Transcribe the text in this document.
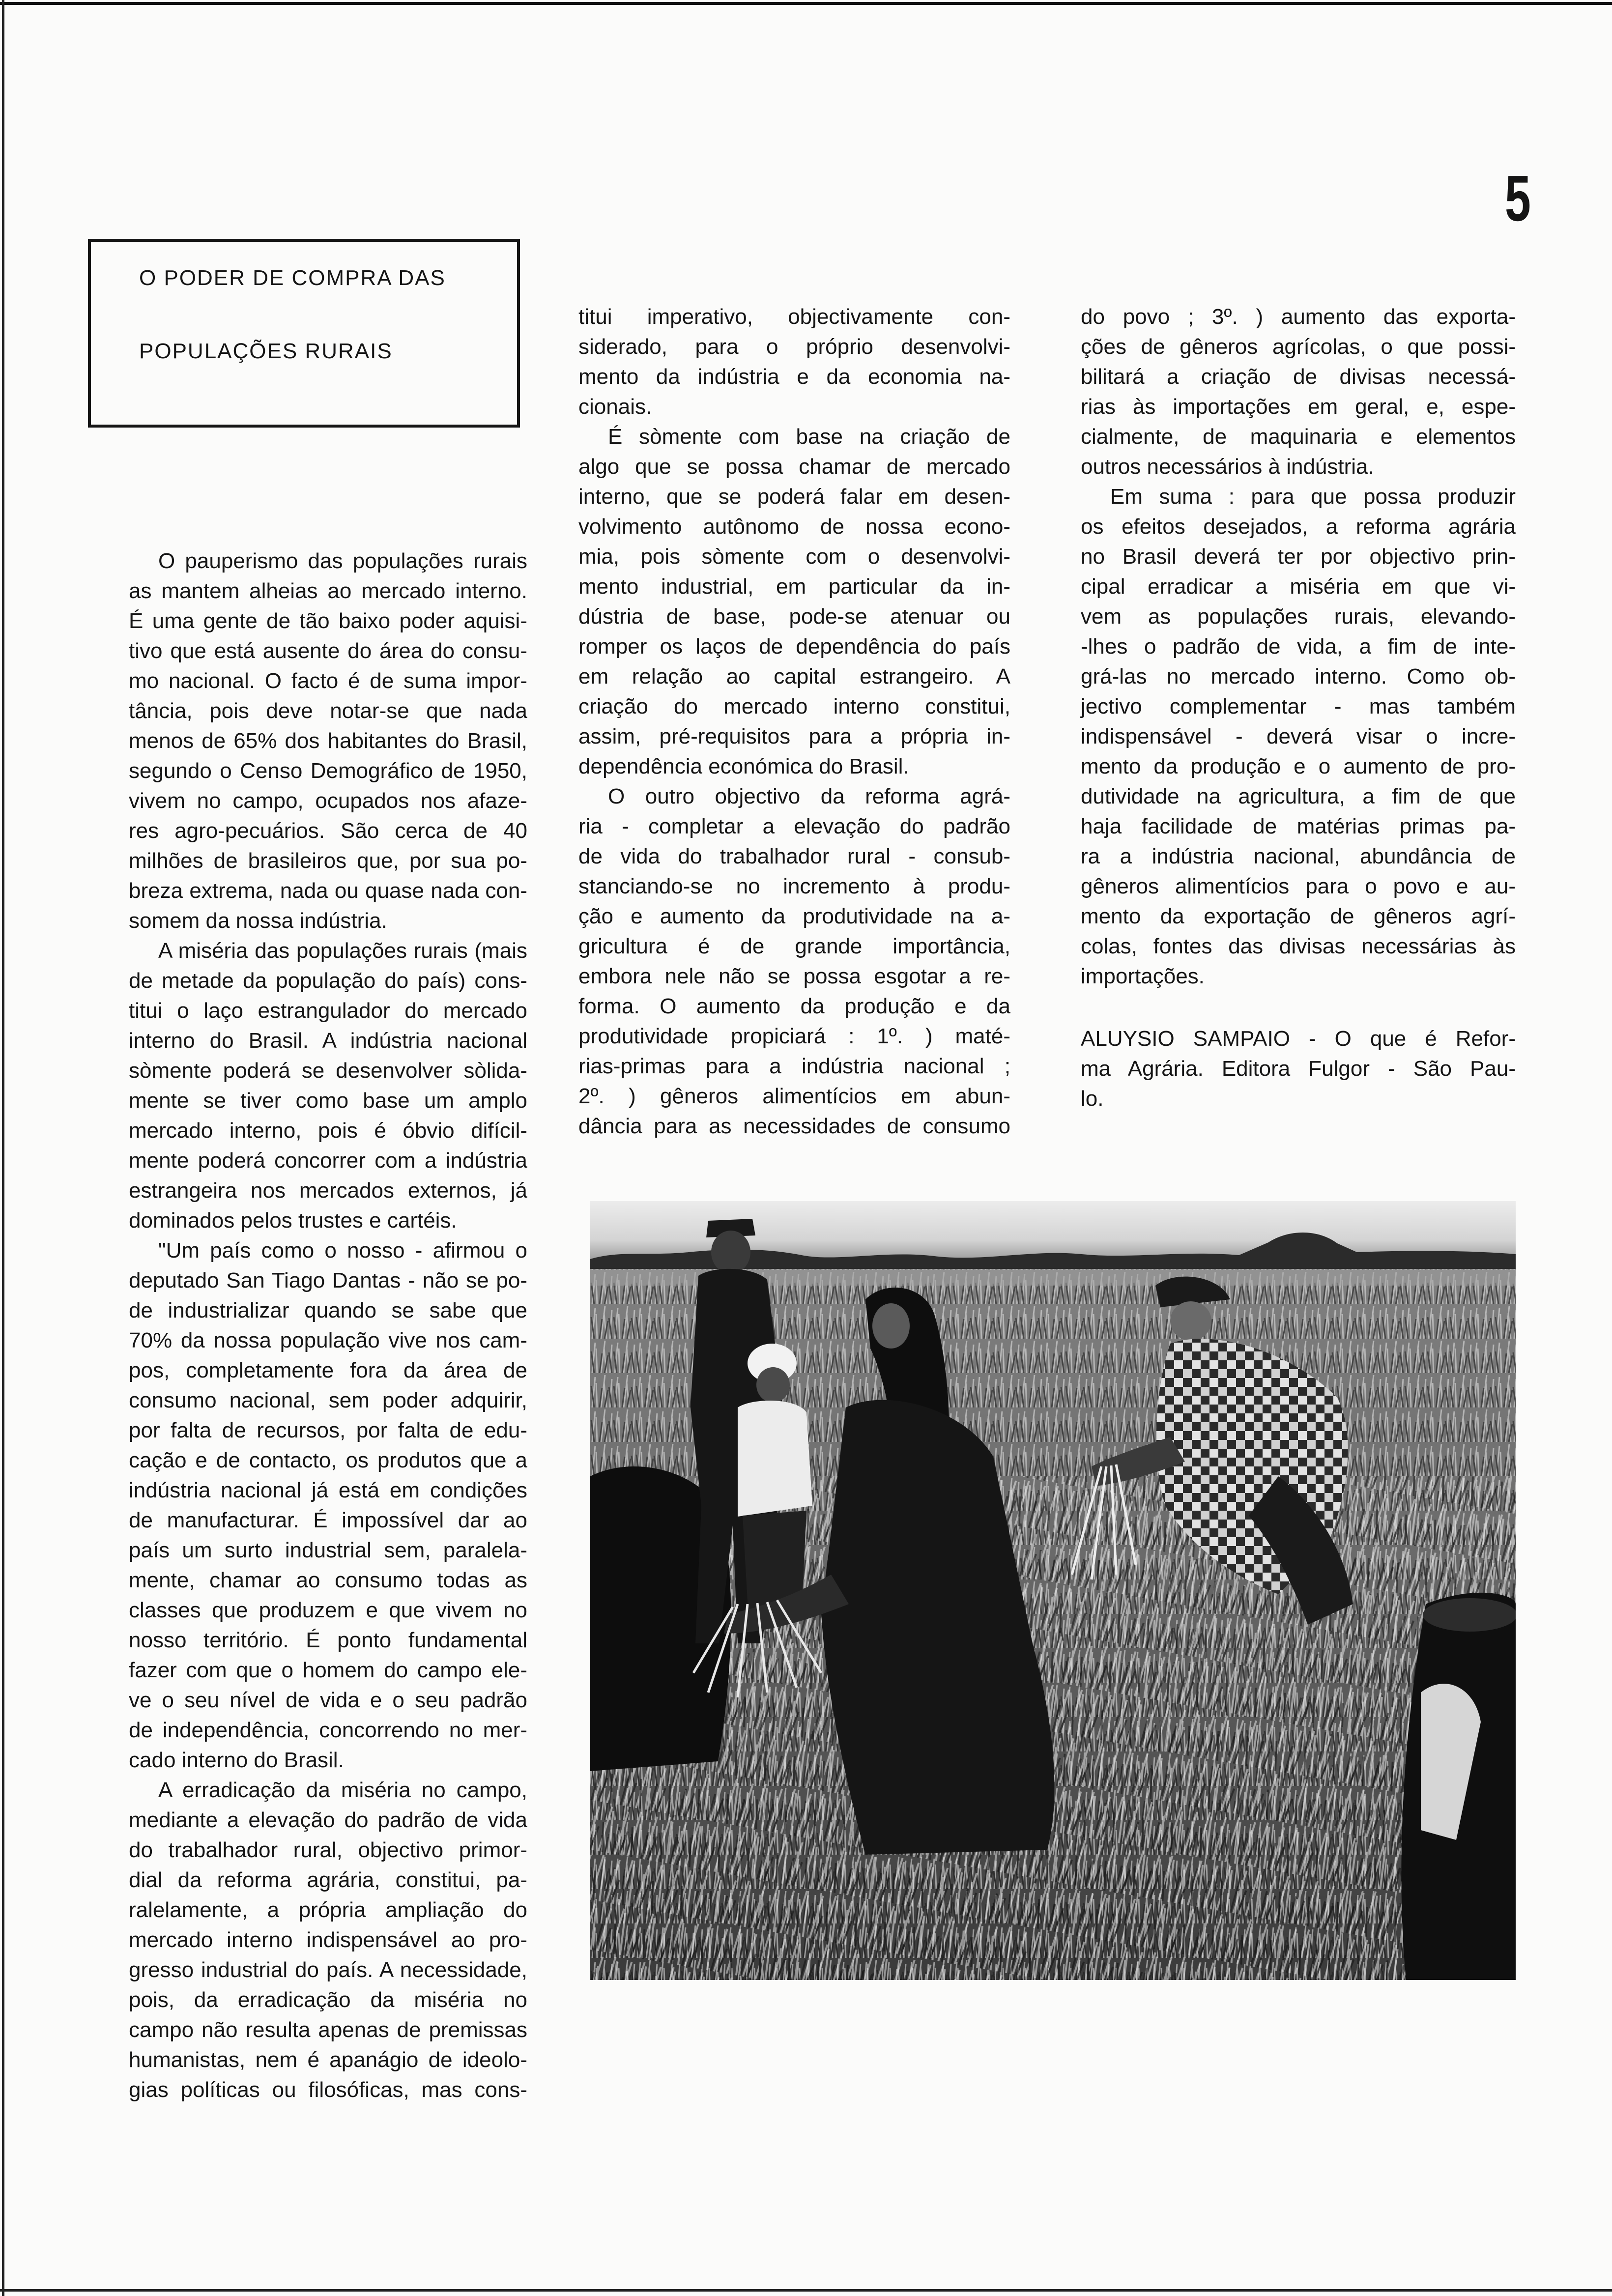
5
O PODER DE COMPRA DAS
POPULAÇÕES RURAIS
O pauperismo das populações rurais
as mantem alheias ao mercado interno.
É uma gente de tão baixo poder aquisi-
tivo que está ausente do área do consu-
mo nacional. O facto é de suma impor-
tância, pois deve notar-se que nada
menos de 65% dos habitantes do Brasil,
segundo o Censo Demográfico de 1950,
vivem no campo, ocupados nos afaze-
res agro-pecuários. São cerca de 40
milhões de brasileiros que, por sua po-
breza extrema, nada ou quase nada con-
somem da nossa indústria.
A miséria das populações rurais (mais
de metade da população do país) cons-
titui o laço estrangulador do mercado
interno do Brasil. A indústria nacional
sòmente poderá se desenvolver sòlida-
mente se tiver como base um amplo
mercado interno, pois é óbvio difícil-
mente poderá concorrer com a indústria
estrangeira nos mercados externos, já
dominados pelos trustes e cartéis.
"Um país como o nosso - afirmou o
deputado San Tiago Dantas - não se po-
de industrializar quando se sabe que
70% da nossa população vive nos cam-
pos, completamente fora da área de
consumo nacional, sem poder adquirir,
por falta de recursos, por falta de edu-
cação e de contacto, os produtos que a
indústria nacional já está em condições
de manufacturar. É impossível dar ao
país um surto industrial sem, paralela-
mente, chamar ao consumo todas as
classes que produzem e que vivem no
nosso território. É ponto fundamental
fazer com que o homem do campo ele-
ve o seu nível de vida e o seu padrão
de independência, concorrendo no mer-
cado interno do Brasil.
A erradicação da miséria no campo,
mediante a elevação do padrão de vida
do trabalhador rural, objectivo primor-
dial da reforma agrária, constitui, pa-
ralelamente, a própria ampliação do
mercado interno indispensável ao pro-
gresso industrial do país. A necessidade,
pois, da erradicação da miséria no
campo não resulta apenas de premissas
humanistas, nem é apanágio de ideolo-
gias políticas ou filosóficas, mas cons-
titui imperativo, objectivamente con-
siderado, para o próprio desenvolvi-
mento da indústria e da economia na-
cionais.
É sòmente com base na criação de
algo que se possa chamar de mercado
interno, que se poderá falar em desen-
volvimento autônomo de nossa econo-
mia, pois sòmente com o desenvolvi-
mento industrial, em particular da in-
dústria de base, pode-se atenuar ou
romper os laços de dependência do país
em relação ao capital estrangeiro. A
criação do mercado interno constitui,
assim, pré-requisitos para a própria in-
dependência económica do Brasil.
O outro objectivo da reforma agrá-
ria - completar a elevação do padrão
de vida do trabalhador rural - consub-
stanciando-se no incremento à produ-
ção e aumento da produtividade na a-
gricultura é de grande importância,
embora nele não se possa esgotar a re-
forma. O aumento da produção e da
produtividade propiciará : 1º. ) maté-
rias-primas para a indústria nacional ;
2º. ) gêneros alimentícios em abun-
dância para as necessidades de consumo
do povo ; 3º. ) aumento das exporta-
ções de gêneros agrícolas, o que possi-
bilitará a criação de divisas necessá-
rias às importações em geral, e, espe-
cialmente, de maquinaria e elementos
outros necessários à indústria.
Em suma : para que possa produzir
os efeitos desejados, a reforma agrária
no Brasil deverá ter por objectivo prin-
cipal erradicar a miséria em que vi-
vem as populações rurais, elevando-
-lhes o padrão de vida, a fim de inte-
grá-las no mercado interno. Como ob-
jectivo complementar - mas também
indispensável - deverá visar o incre-
mento da produção e o aumento de pro-
dutividade na agricultura, a fim de que
haja facilidade de matérias primas pa-
ra a indústria nacional, abundância de
gêneros alimentícios para o povo e au-
mento da exportação de gêneros agrí-
colas, fontes das divisas necessárias às
importações.
ALUYSIO SAMPAIO - O que é Refor-
ma Agrária. Editora Fulgor - São Pau-
lo.
